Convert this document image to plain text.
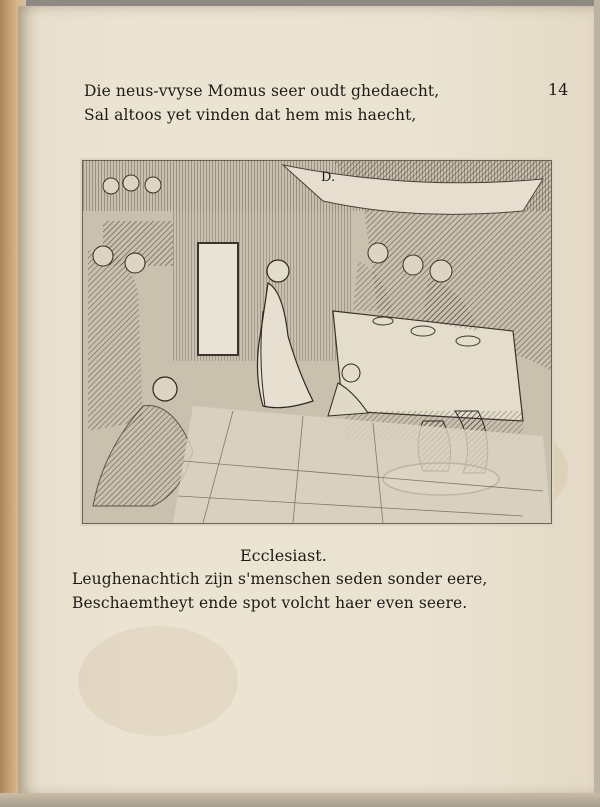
Die neus-vvyse Momus seer oudt ghedaecht,
Sal altoos yet vinden dat hem mis haecht,
14
D.
Ecclesiast.
Leughenachtich zijn s'menschen seden sonder eere,
Beschaemtheyt ende spot volcht haer even seere.
